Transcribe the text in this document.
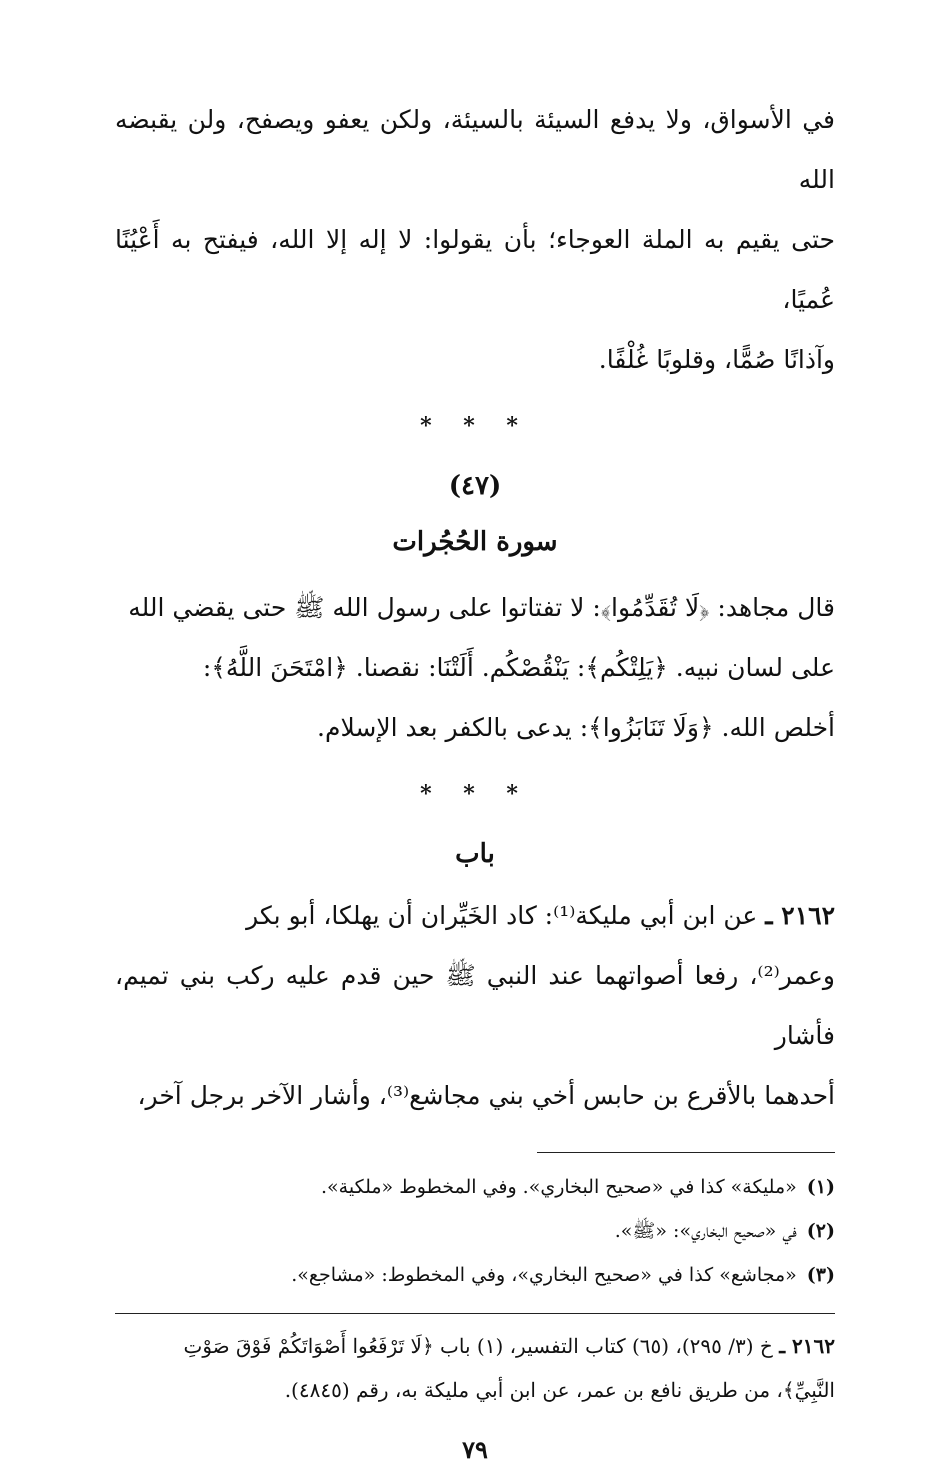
في الأسواق، ولا يدفع السيئة بالسيئة، ولكن يعفو ويصفح، ولن يقبضه الله

حتى يقيم به الملة العوجاء؛ بأن يقولوا: لا إله إلا الله، فيفتح به أَعْيُنًا عُميًا،

وآذانًا صُمًّا، وقلوبًا غُلْفًا.

* * *

(٤٧)

سورة الحُجُرات

قال مجاهد: ﴿لَا تُقَدِّمُوا﴾: لا تفتاتوا على رسول الله ﷺ حتى يقضي الله

على لسان نبيه. ﴿يَلِتْكُم﴾: يَنْقُصْكُم. أَلَتْنَا: نقصنا. ﴿امْتَحَنَ اللَّهُ﴾:

أخلص الله. ﴿وَلَا تَنَابَزُوا﴾: يدعى بالكفر بعد الإسلام.

* * *

باب

٢١٦٢ ـ عن ابن أبي مليكة⁽¹⁾: كاد الخَيِّران أن يهلكا، أبو بكر

وعمر⁽²⁾، رفعا أصواتهما عند النبي ﷺ حين قدم عليه ركب بني تميم، فأشار

أحدهما بالأقرع بن حابس أخي بني مجاشع⁽³⁾، وأشار الآخر برجل آخر،

(١)«مليكة» كذا في «صحيح البخاري». وفي المخطوط «ملكية».

(٢)في «صحيح البخاري»: «ﷺ».

(٣)«مجاشع» كذا في «صحيح البخاري»، وفي المخطوط: «مشاجع».

٢١٦٢ ـ خ (٣/ ٢٩٥)، (٦٥) كتاب التفسير، (١) باب ﴿لَا تَرْفَعُوا أَصْوَاتَكُمْ فَوْقَ صَوْتِ

النَّبِيِّ﴾، من طريق نافع بن عمر، عن ابن أبي مليكة به، رقم (٤٨٤٥).

٧٩
